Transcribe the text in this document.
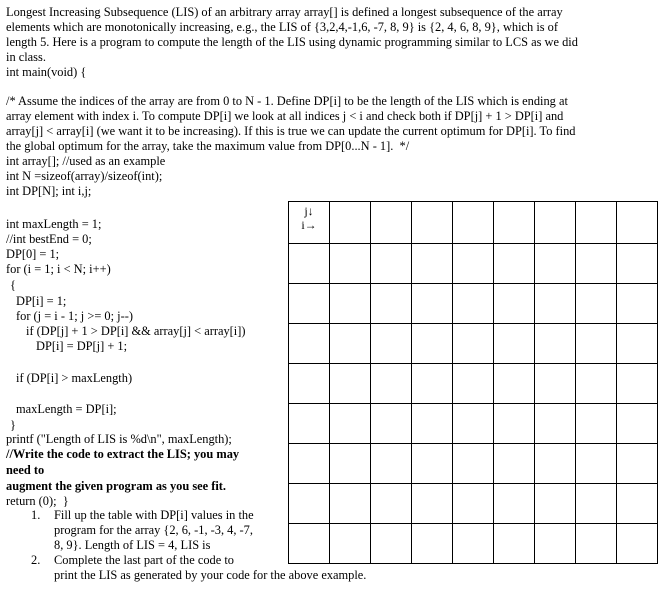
Longest Increasing Subsequence (LIS) of an arbitrary array array[] is defined a longest subsequence of the array
elements which are monotonically increasing, e.g., the LIS of {3,2,4,-1,6, -7, 8, 9} is {2, 4, 6, 8, 9}, which is of
length 5. Here is a program to compute the length of the LIS using dynamic programming similar to LCS as we did
in class.
int main(void) {
/* Assume the indices of the array are from 0 to N - 1. Define DP[i] to be the length of the LIS which is ending at
array element with index i. To compute DP[i] we look at all indices j < i and check both if DP[j] + 1 > DP[i] and
array[j] < array[i] (we want it to be increasing). If this is true we can update the current optimum for DP[i]. To find
the global optimum for the array, take the maximum value from DP[0...N - 1].  */
int array[]; //used as an example
int N =sizeof(array)/sizeof(int);
int DP[N]; int i,j;
int maxLength = 1;
//int bestEnd = 0;
DP[0] = 1;
for (i = 1; i < N; i++)
{
DP[i] = 1;
for (j = i - 1; j >= 0; j--)
if (DP[j] + 1 > DP[i] && array[j] < array[i])
DP[i] = DP[j] + 1;
if (DP[i] > maxLength)
maxLength = DP[i];
}
printf ("Length of LIS is %d\n", maxLength);
//Write the code to extract the LIS; you may
need to
augment the given program as you see fit.
return (0);  }
j↓
i→								

1. Fill up the table with DP[i] values in the
program for the array {2, 6, -1, -3, 4, -7,
8, 9}. Length of LIS = 4, LIS is
2. Complete the last part of the code to
print the LIS as generated by your code for the above example.
